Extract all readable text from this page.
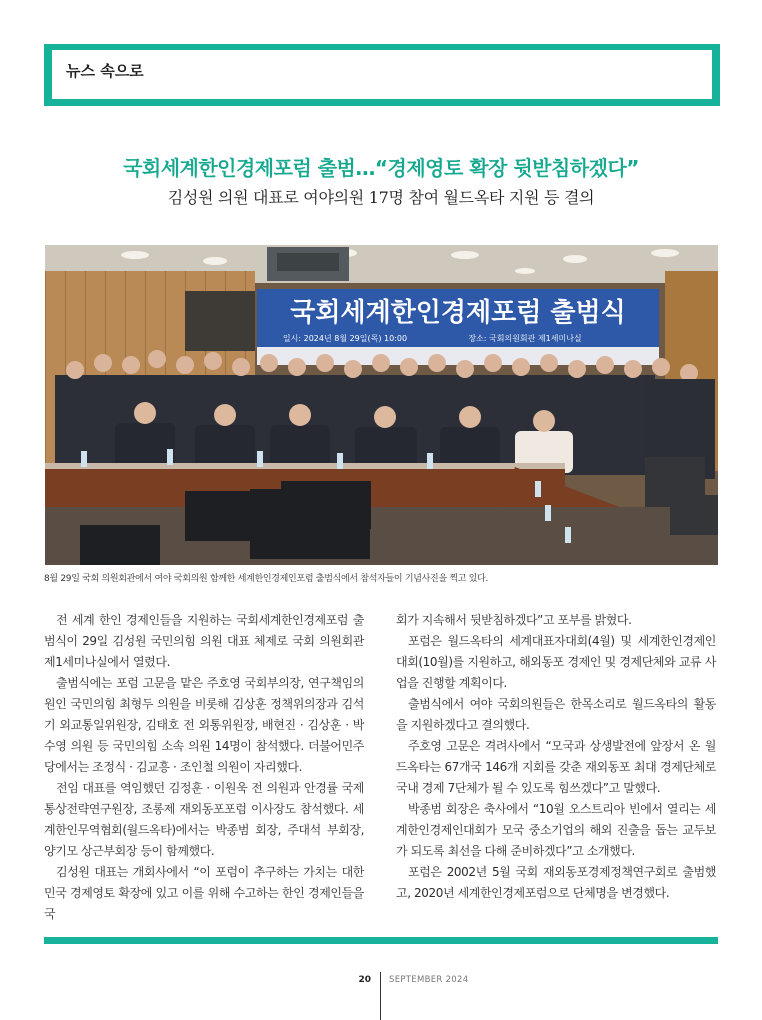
뉴스 속으로
국회세계한인경제포럼 출범…“경제영토 확장 뒷받침하겠다”
김성원 의원 대표로 여야의원 17명 참여 월드옥타 지원 등 결의
국회세계한인경제포럼 출범식
일시: 2024년 8월 29일(목) 10:00	장소: 국회의원회관 제1세미나실
8월 29일 국회 의원회관에서 여야 국회의원 함께한 세계한인경제인포럼 출범식에서 참석자들이 기념사진을 찍고 있다.

전 세계 한인 경제인들을 지원하는 국회세계한인경제포럼 출범식이 29일 김성원 국민의힘 의원 대표 체제로 국회 의원회관 제1세미나실에서 열렸다.

출범식에는 포럼 고문을 맡은 주호영 국회부의장, 연구책임의원인 국민의힘 최형두 의원을 비롯해 김상훈 정책위의장과 김석기 외교통일위원장, 김태호 전 외통위원장, 배현진 · 김상훈 · 박수영 의원 등 국민의힘 소속 의원 14명이 참석했다. 더불어민주당에서는 조정식 · 김교흥 · 조인철 의원이 자리했다.

전임 대표를 역임했던 김정훈 · 이원욱 전 의원과 안경률 국제통상전략연구원장, 조롱제 재외동포포럼 이사장도 참석했다. 세계한인무역협회(월드옥타)에서는 박종범 회장, 주대석 부회장, 양기모 상근부회장 등이 함께했다.

김성원 대표는 개회사에서 “이 포럼이 추구하는 가치는 대한민국 경제영토 확장에 있고 이를 위해 수고하는 한인 경제인들을 국

회가 지속해서 뒷받침하겠다”고 포부를 밝혔다.

포럼은 월드옥타의 세계대표자대회(4월) 및 세계한인경제인대회(10월)를 지원하고, 해외동포 경제인 및 경제단체와 교류 사업을 진행할 계획이다.

출범식에서 여야 국회의원들은 한목소리로 월드옥타의 활동을 지원하겠다고 결의했다.

주호영 고문은 격려사에서 “모국과 상생발전에 앞장서 온 월드옥타는 67개국 146개 지회를 갖춘 재외동포 최대 경제단체로 국내 경제 7단체가 될 수 있도록 힘쓰겠다”고 말했다.

박종범 회장은 축사에서 “10월 오스트리아 빈에서 열리는 세계한인경제인대회가 모국 중소기업의 해외 진출을 돕는 교두보가 되도록 최선을 다해 준비하겠다”고 소개했다.

포럼은 2002년 5월 국회 재외동포경제정책연구회로 출범했고, 2020년 세계한인경제포럼으로 단체명을 변경했다.

20 SEPTEMBER 2024
